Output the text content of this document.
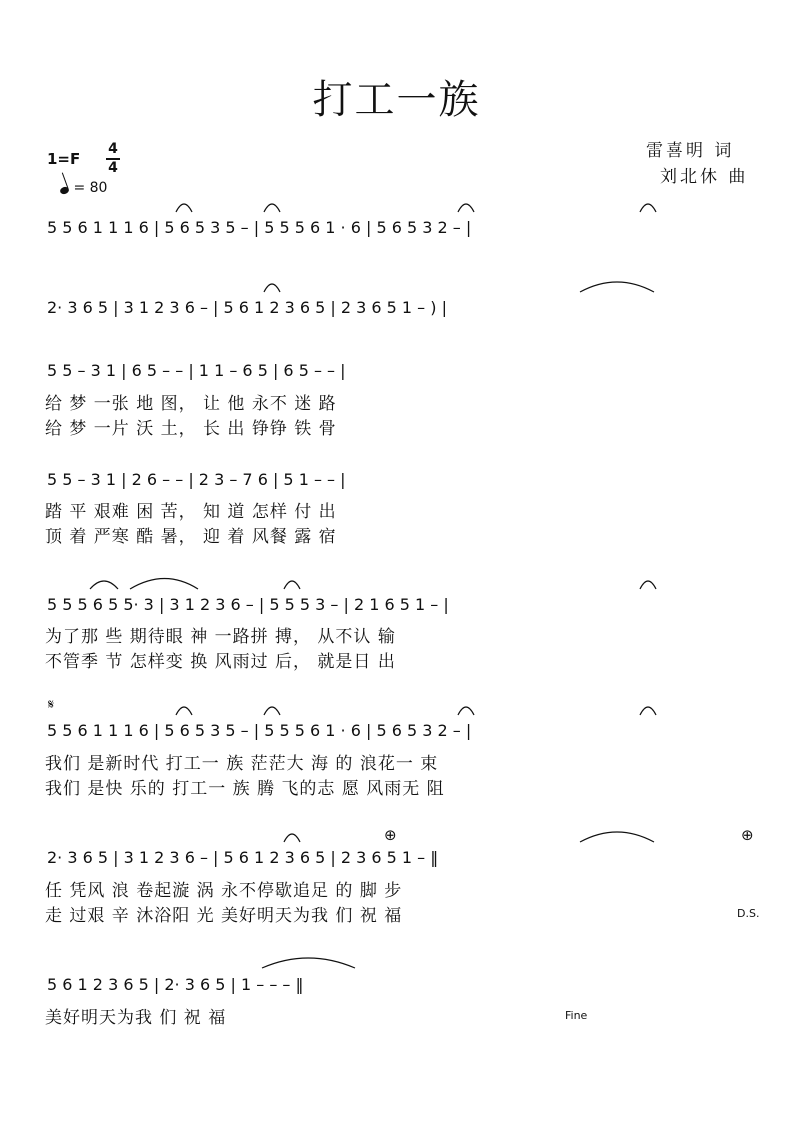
打工一族
雷喜明 词
刘北休 曲
1=F
4
4
= 80
5 5 6 1 1 1 6 | 5 6 5 3 5 – | 5 5 5 6 1 · 6 | 5 6 5 3 2 – |
2· 3 6 5 | 3 1 2 3 6 – | 5 6 1 2 3 6 5 | 2 3 6 5 1 – ) |
5 5 – 3 1 | 6 5 – – | 1 1 – 6 5 | 6 5 – – |
给 梦 一张 地 图， 让 他 永不 迷 路
给 梦 一片 沃 土， 长 出 铮铮 铁 骨
5 5 – 3 1 | 2 6 – – | 2 3 – 7 6 | 5 1 – – |
踏 平 艰难 困 苦， 知 道 怎样 付 出
顶 着 严寒 酷 暑， 迎 着 风餐 露 宿
5 5 5 6 5 5· 3 | 3 1 2 3 6 – | 5 5 5 3 – | 2 1 6 5 1 – |
为了那 些 期待眼 神 一路拼 搏， 从不认 输
不管季 节 怎样变 换 风雨过 后， 就是日 出
𝄋
5 5 6 1 1 1 6 | 5 6 5 3 5 – | 5 5 5 6 1 · 6 | 5 6 5 3 2 – |
我们 是新时代 打工一 族 茫茫大 海 的 浪花一 束
我们 是快 乐的 打工一 族 腾 飞的志 愿 风雨无 阻
⊕	⊕
2· 3 6 5 | 3 1 2 3 6 – | 5 6 1 2 3 6 5 | 2 3 6 5 1 – ‖
任 凭风 浪 卷起漩 涡 永不停歇追足 的 脚 步
走 过艰 辛 沐浴阳 光 美好明天为我 们 祝 福	D.S.
5 6 1 2 3 6 5 | 2· 3 6 5 | 1 – – – ‖
美好明天为我 们 祝 福	Fine
